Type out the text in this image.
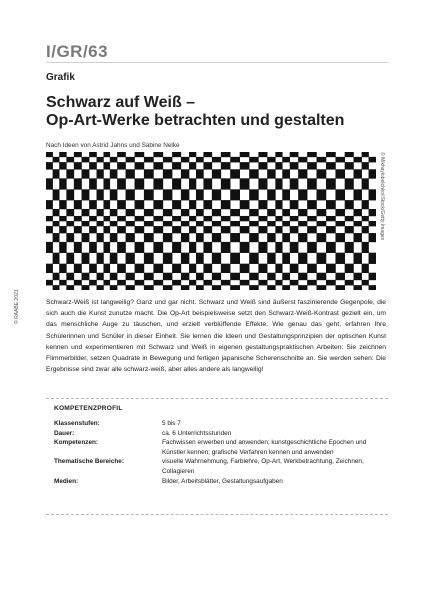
I/GR/63
Grafik
Schwarz auf Weiß –
Op-Art-Werke betrachten und gestalten
Nach Ideen von Astrid Jahns und Sabine Nelke
© Mikhaylobelchko/iStock/Getty Images
© RAABE 2021	Schwarz-Weiß ist langweilig? Ganz und gar nicht. Schwarz und Weiß sind äußerst faszinierende Gegenpole, die sich auch die Kunst zunutze macht. Die Op-Art beispielsweise setzt den Schwarz-Weiß-Kontrast gezielt ein, um das menschliche Auge zu täuschen, und erzielt verblüffende Effekte. Wie genau das geht, erfahren Ihre Schülerinnen und Schüler in dieser Einheit. Sie lernen die Ideen und Gestaltungsprinzipien der optischen Kunst kennen und experimentieren mit Schwarz und Weiß in eigenen gestaltungspraktischen Arbeiten: Sie zeichnen Flimmerbilder, setzen Quadrate in Bewegung und fertigen japanische Scherenschnitte an. Sie werden sehen: Die Ergebnisse sind zwar alle schwarz-weiß, aber alles andere als langweilig!
KOMPETENZPROFIL
Klassenstufen:	5 bis 7
Dauer:	ca. 6 Unterrichtsstunden
Kompetenzen:	Fachwissen erwerben und anwenden; kunstgeschichtliche Epochen und Künstler kennen; grafische Verfahren kennen und anwenden
Thematische Bereiche:	visuelle Wahrnehmung, Farblehre, Op-Art, Werkbetrachtung, Zeichnen, Collagieren
Medien:	Bilder, Arbeitsblätter, Gestaltungsaufgaben
